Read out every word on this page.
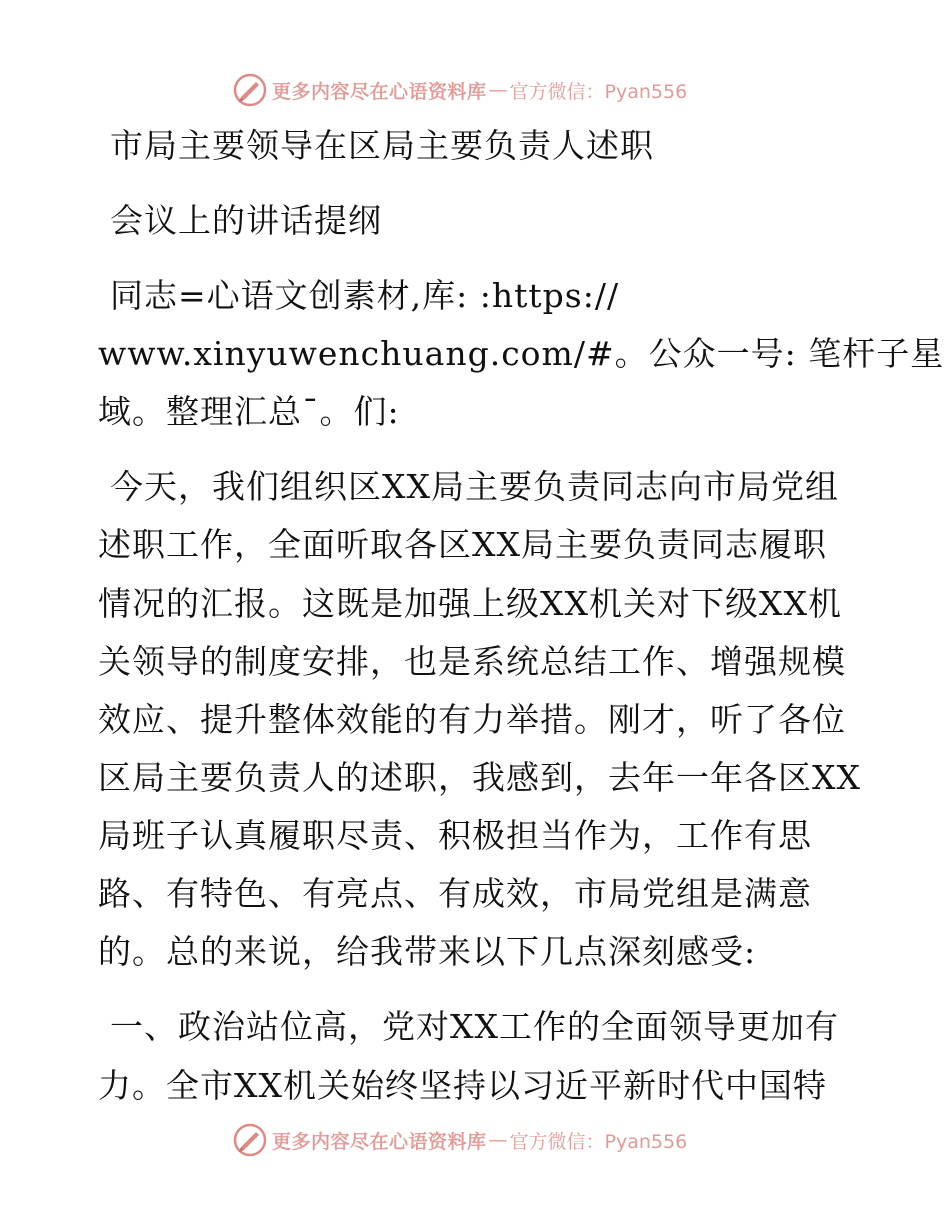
更多内容尽在心语资料库 — 官方微信：Pyan556
市局主要领导在区局主要负责人述职
会议上的讲话提纲
同志=心语文创素材,库: :https://
www.xinyuwenchuang.com/#。公众一号: 笔杆子星
域。整理汇总¯。们:
今天，我们组织区XX局主要负责同志向市局党组
述职工作，全面听取各区XX局主要负责同志履职
情况的汇报。这既是加强上级XX机关对下级XX机
关领导的制度安排，也是系统总结工作、增强规模
效应、提升整体效能的有力举措。刚才，听了各位
区局主要负责人的述职，我感到，去年一年各区XX
局班子认真履职尽责、积极担当作为，工作有思
路、有特色、有亮点、有成效，市局党组是满意
的。总的来说，给我带来以下几点深刻感受:
一、政治站位高，党对XX工作的全面领导更加有
力。全市XX机关始终坚持以习近平新时代中国特
更多内容尽在心语资料库 — 官方微信：Pyan556
